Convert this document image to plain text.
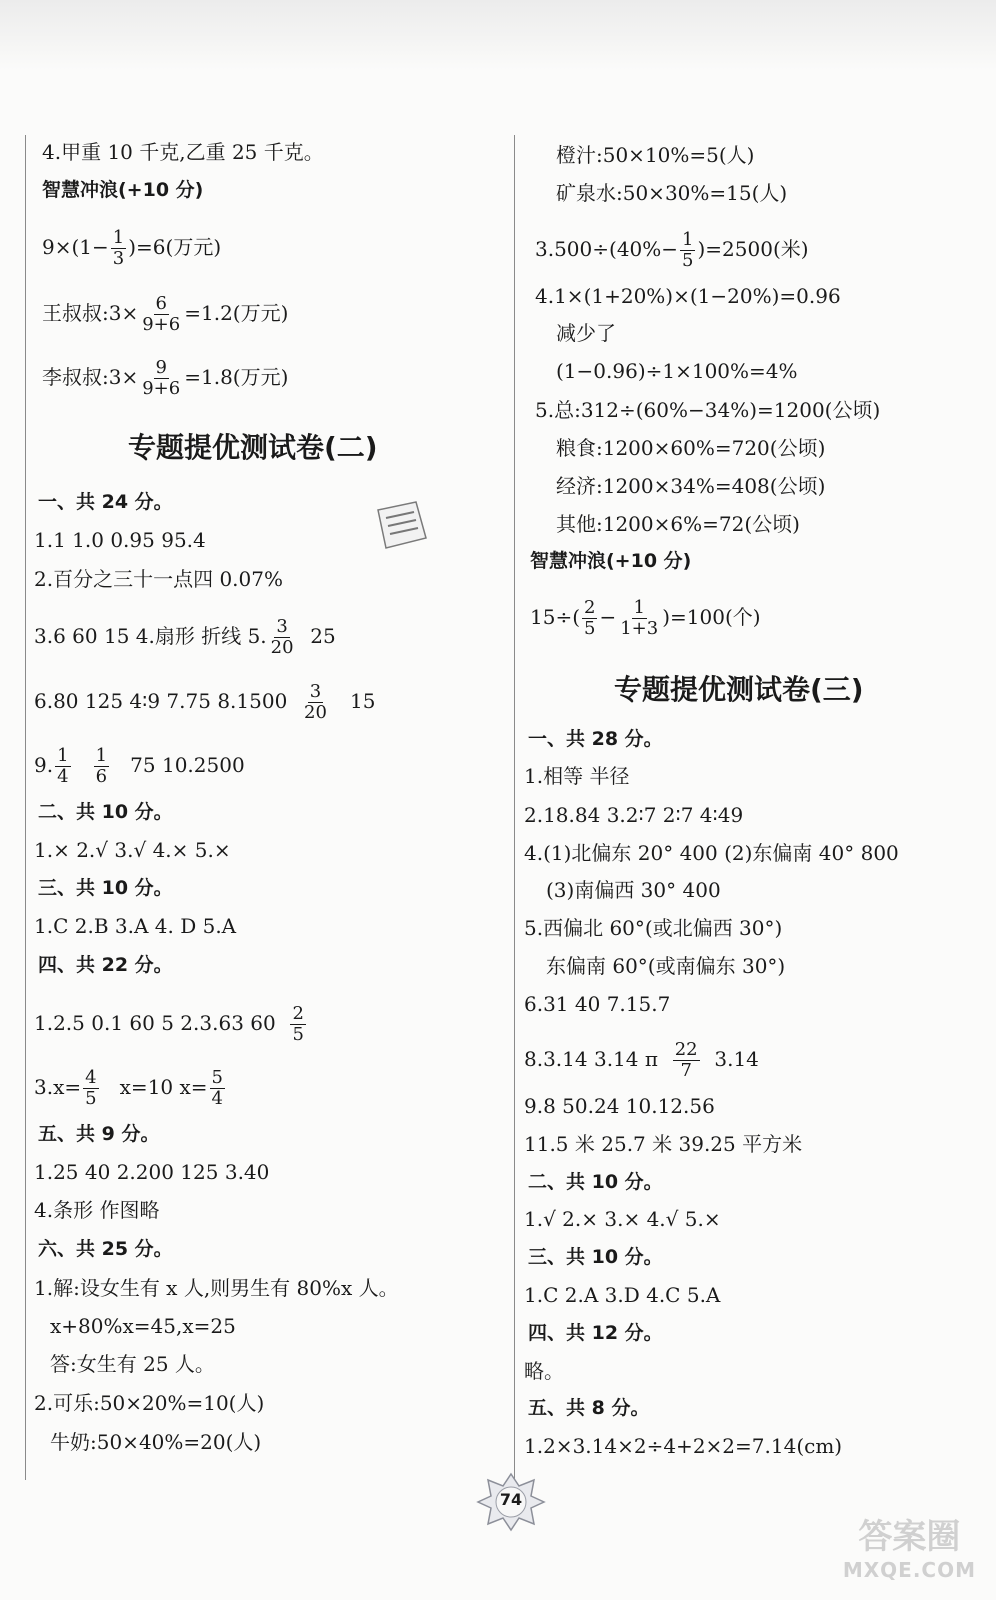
4.甲重 10 千克,乙重 25 千克。
智慧冲浪(+10 分)
$9\times(1- \frac{1}{3} )=6$(万元)
王叔叔:3× $\frac{6}{9+6} =1.2$(万元)
李叔叔:3× $\frac{9}{9+6} =1.8$(万元)
专题提优测试卷(二)
一、共 24 分。
1.1 1.0 0.95 95.4
2.百分之三十一点四 0.07%
3.6 60 15 4.扇形 折线 5. $\frac{3}{20} 25$
6.80 125 4∶9 7.75 $8.1500 \frac{3}{20} 15$
9. $\frac{1}{4}$
$\frac{1}{6} 75$ 10.2500
二、共 10 分。
1.× 2.√ 3.√ 4.× 5.×
三、共 10 分。
1.C 2.B 3.A 4. D 5.A
四、共 22 分。
1.2.5 0.1 60 5 2.3.63 $60 \frac{2}{5}$
$3.x= \frac{4}{5} x=10$ $x= \frac{5}{4}$
五、共 9 分。
1.25 40 2.200 125 3.40
4.条形 作图略
六、共 25 分。
1.解:设女生有 x 人,则男生有 80%x 人。
x+80%x=45,x=25
答:女生有 25 人。
2.可乐:50×20%=10(人)
牛奶:50×40%=20(人)
橙汁:50×10%=5(人)
矿泉水:50×30%=15(人)
$3.500\div(40\%- \frac{1}{5} )=2500$(米)
4.1×(1+20%)×(1−20%)=0.96
减少了
(1−0.96)÷1×100%=4%
5.总:312÷(60%−34%)=1200(公顷)
粮食:1200×60%=720(公顷)
经济:1200×34%=408(公顷)
其他:1200×6%=72(公顷)
智慧冲浪(+10 分)
$15\div( \frac{2}{5} - \frac{1}{1+3} )=100$(个)
专题提优测试卷(三)
一、共 28 分。
1.相等 半径
2.18.84 3.2∶7 2∶7 4∶49
4.(1)北偏东 20° 400 (2)东偏南 40° 800
(3)南偏西 30° 400
5.西偏北 60°(或北偏西 30°)
东偏南 60°(或南偏东 30°)
6.31 40 7.15.7
8.3.14 3.14 π $\frac{22}{7} 3.14$
9.8 50.24 10.12.56
11.5 米 25.7 米 39.25 平方米
二、共 10 分。
1.√ 2.× 3.× 4.√ 5.×
三、共 10 分。
1.C 2.A 3.D 4.C 5.A
四、共 12 分。
略。
五、共 8 分。
1.2×3.14×2÷4+2×2=7.14(cm)
74
答案圈
MXQE.COM
